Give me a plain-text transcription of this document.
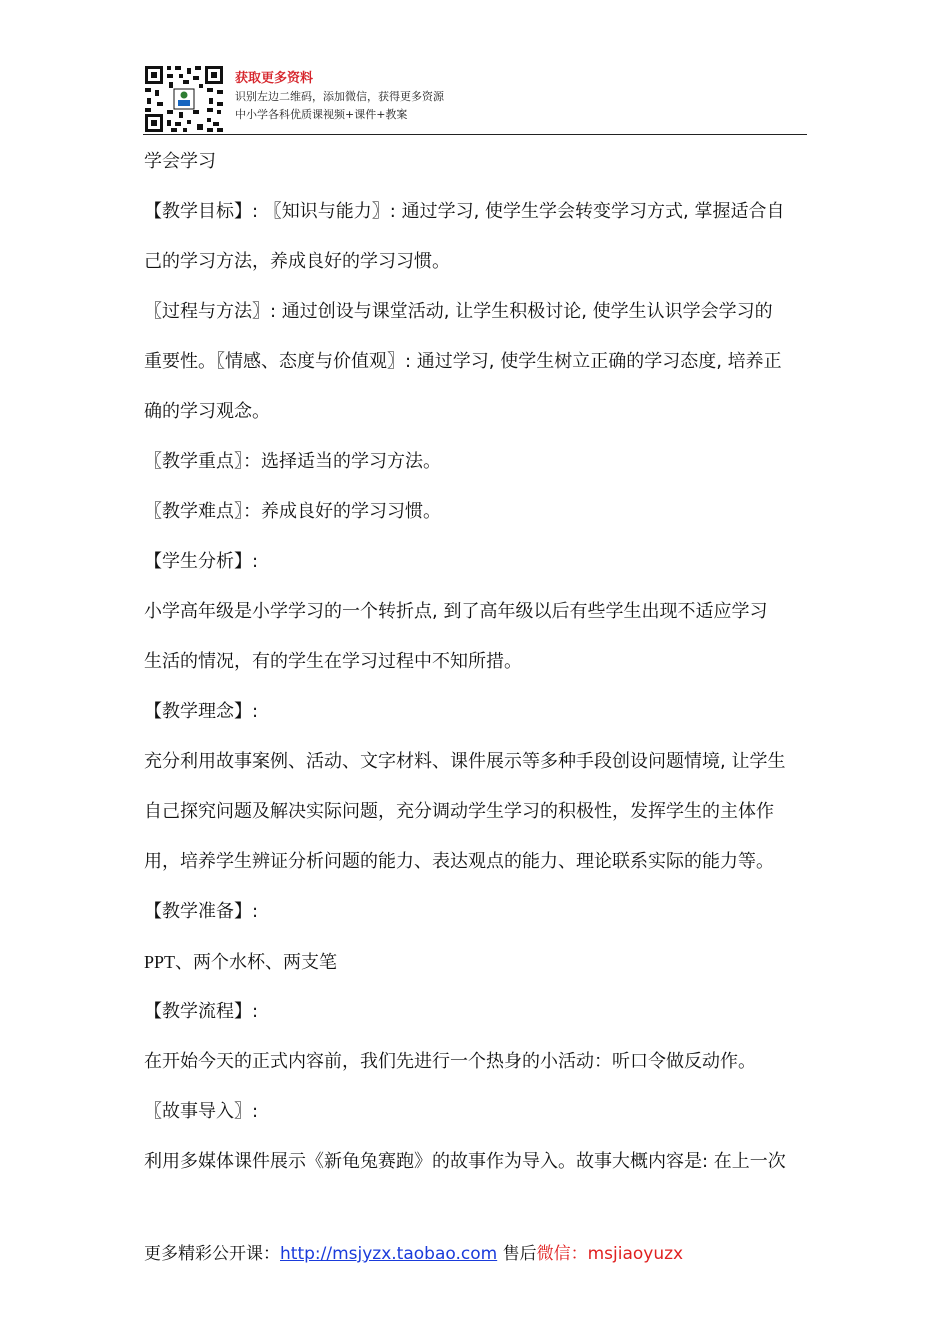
获取更多资料
识别左边二维码，添加微信，获得更多资源
中小学各科优质课视频+课件+教案
学会学习
【教学目标】: 〖知识与能力〗: 通过学习, 使学生学会转变学习方式, 掌握适合自
己的学习方法，养成良好的学习习惯。
〖过程与方法〗: 通过创设与课堂活动, 让学生积极讨论, 使学生认识学会学习的
重要性。〖情感、态度与价值观〗: 通过学习, 使学生树立正确的学习态度, 培养正
确的学习观念。
〖教学重点〗：选择适当的学习方法。
〖教学难点〗：养成良好的学习习惯。
【学生分析】:
小学高年级是小学学习的一个转折点, 到了高年级以后有些学生出现不适应学习
生活的情况，有的学生在学习过程中不知所措。
【教学理念】:
充分利用故事案例、活动、文字材料、课件展示等多种手段创设问题情境, 让学生
自己探究问题及解决实际问题，充分调动学生学习的积极性，发挥学生的主体作
用，培养学生辨证分析问题的能力、表达观点的能力、理论联系实际的能力等。
【教学准备】:
PPT、两个水杯、两支笔
【教学流程】:
在开始今天的正式内容前，我们先进行一个热身的小活动：听口令做反动作。
〖故事导入〗:
利用多媒体课件展示《新龟兔赛跑》的故事作为导入。故事大概内容是: 在上一次
更多精彩公开课：http://msjyzx.taobao.com 售后微信：msjiaoyuzx
